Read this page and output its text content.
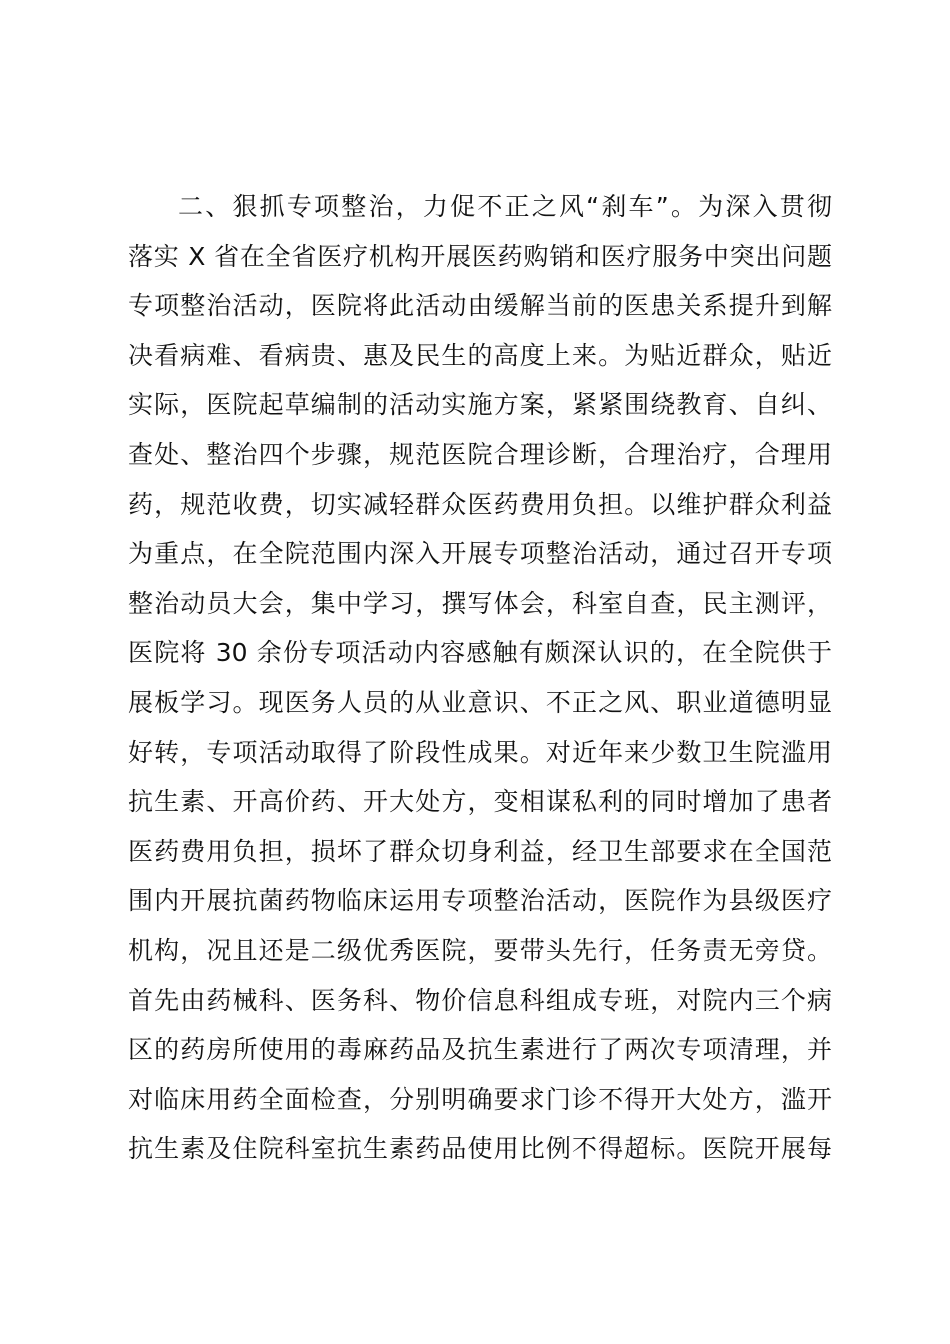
二、狠抓专项整治，力促不正之风“刹车”。为深入贯彻
落实 X 省在全省医疗机构开展医药购销和医疗服务中突出问题
专项整治活动，医院将此活动由缓解当前的医患关系提升到解
决看病难、看病贵、惠及民生的高度上来。为贴近群众，贴近
实际，医院起草编制的活动实施方案，紧紧围绕教育、自纠、
查处、整治四个步骤，规范医院合理诊断，合理治疗，合理用
药，规范收费，切实减轻群众医药费用负担。以维护群众利益
为重点，在全院范围内深入开展专项整治活动，通过召开专项
整治动员大会，集中学习，撰写体会，科室自查，民主测评，
医院将 30 余份专项活动内容感触有颇深认识的，在全院供于
展板学习。现医务人员的从业意识、不正之风、职业道德明显
好转，专项活动取得了阶段性成果。对近年来少数卫生院滥用
抗生素、开高价药、开大处方，变相谋私利的同时增加了患者
医药费用负担，损坏了群众切身利益，经卫生部要求在全国范
围内开展抗菌药物临床运用专项整治活动，医院作为县级医疗
机构，况且还是二级优秀医院，要带头先行，任务责无旁贷。
首先由药械科、医务科、物价信息科组成专班，对院内三个病
区的药房所使用的毒麻药品及抗生素进行了两次专项清理，并
对临床用药全面检查，分别明确要求门诊不得开大处方，滥开
抗生素及住院科室抗生素药品使用比例不得超标。医院开展每
